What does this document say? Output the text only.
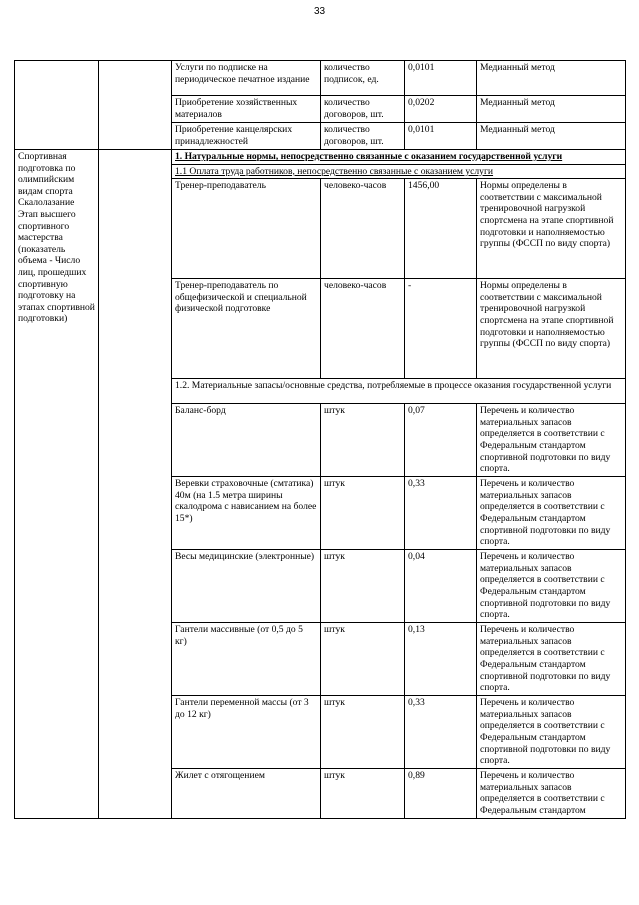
33
		Услуги по подписке на периодическое печатное издание	количество подписок, ед.	0,0101	Медианный метод
		Приобретение хозяйственных материалов	количество договоров, шт.	0,0202	Медианный метод
		Приобретение канцелярских принадлежностей	количество договоров, шт.	0,0101	Медианный метод
Спортивная подготовка по олимпийским видам спорта Скалолазание Этап высшего спортивного мастерства (показатель объема - Число лиц, прошедших спортивную подготовку на этапах спортивной подготовки)		1. Натуральные нормы, непосредственно связанные с оказанием государственной услуги			
		1.1 Оплата труда работников, непосредственно связанные с оказанием услуги			
		Тренер-преподаватель	человеко-часов	1456,00	Нормы определены в соответствии с максимальной тренировочной нагрузкой спортсмена на этапе спортивной подготовки и наполняемостью группы (ФССП по виду спорта)
		Тренер-преподаватель по общефизической и специальной физической подготовке	человеко-часов	-	Нормы определены в соответствии с максимальной тренировочной нагрузкой спортсмена на этапе спортивной подготовки и наполняемостью группы (ФССП по виду спорта)
		1.2. Материальные запасы/основные средства, потребляемые в процессе оказания государственной услуги			
		Баланс-борд	штук	0,07	Перечень и количество материальных запасов определяется в соответствии с Федеральным стандартом спортивной подготовки по виду спорта.
		Веревки страховочные (смтатика) 40м (на 1.5 метра ширины скалодрома с нависанием на более 15*)	штук	0,33	Перечень и количество материальных запасов определяется в соответствии с Федеральным стандартом спортивной подготовки по виду спорта.
		Весы медицинские (электронные)	штук	0,04	Перечень и количество материальных запасов определяется в соответствии с Федеральным стандартом спортивной подготовки по виду спорта.
		Гантели массивные (от 0,5 до 5 кг)	штук	0,13	Перечень и количество материальных запасов определяется в соответствии с Федеральным стандартом спортивной подготовки по виду спорта.
		Гантели переменной массы (от 3 до 12 кг)	штук	0,33	Перечень и количество материальных запасов определяется в соответствии с Федеральным стандартом спортивной подготовки по виду спорта.
		Жилет с отягощением	штук	0,89	Перечень и количество материальных запасов определяется в соответствии с Федеральным стандартом
